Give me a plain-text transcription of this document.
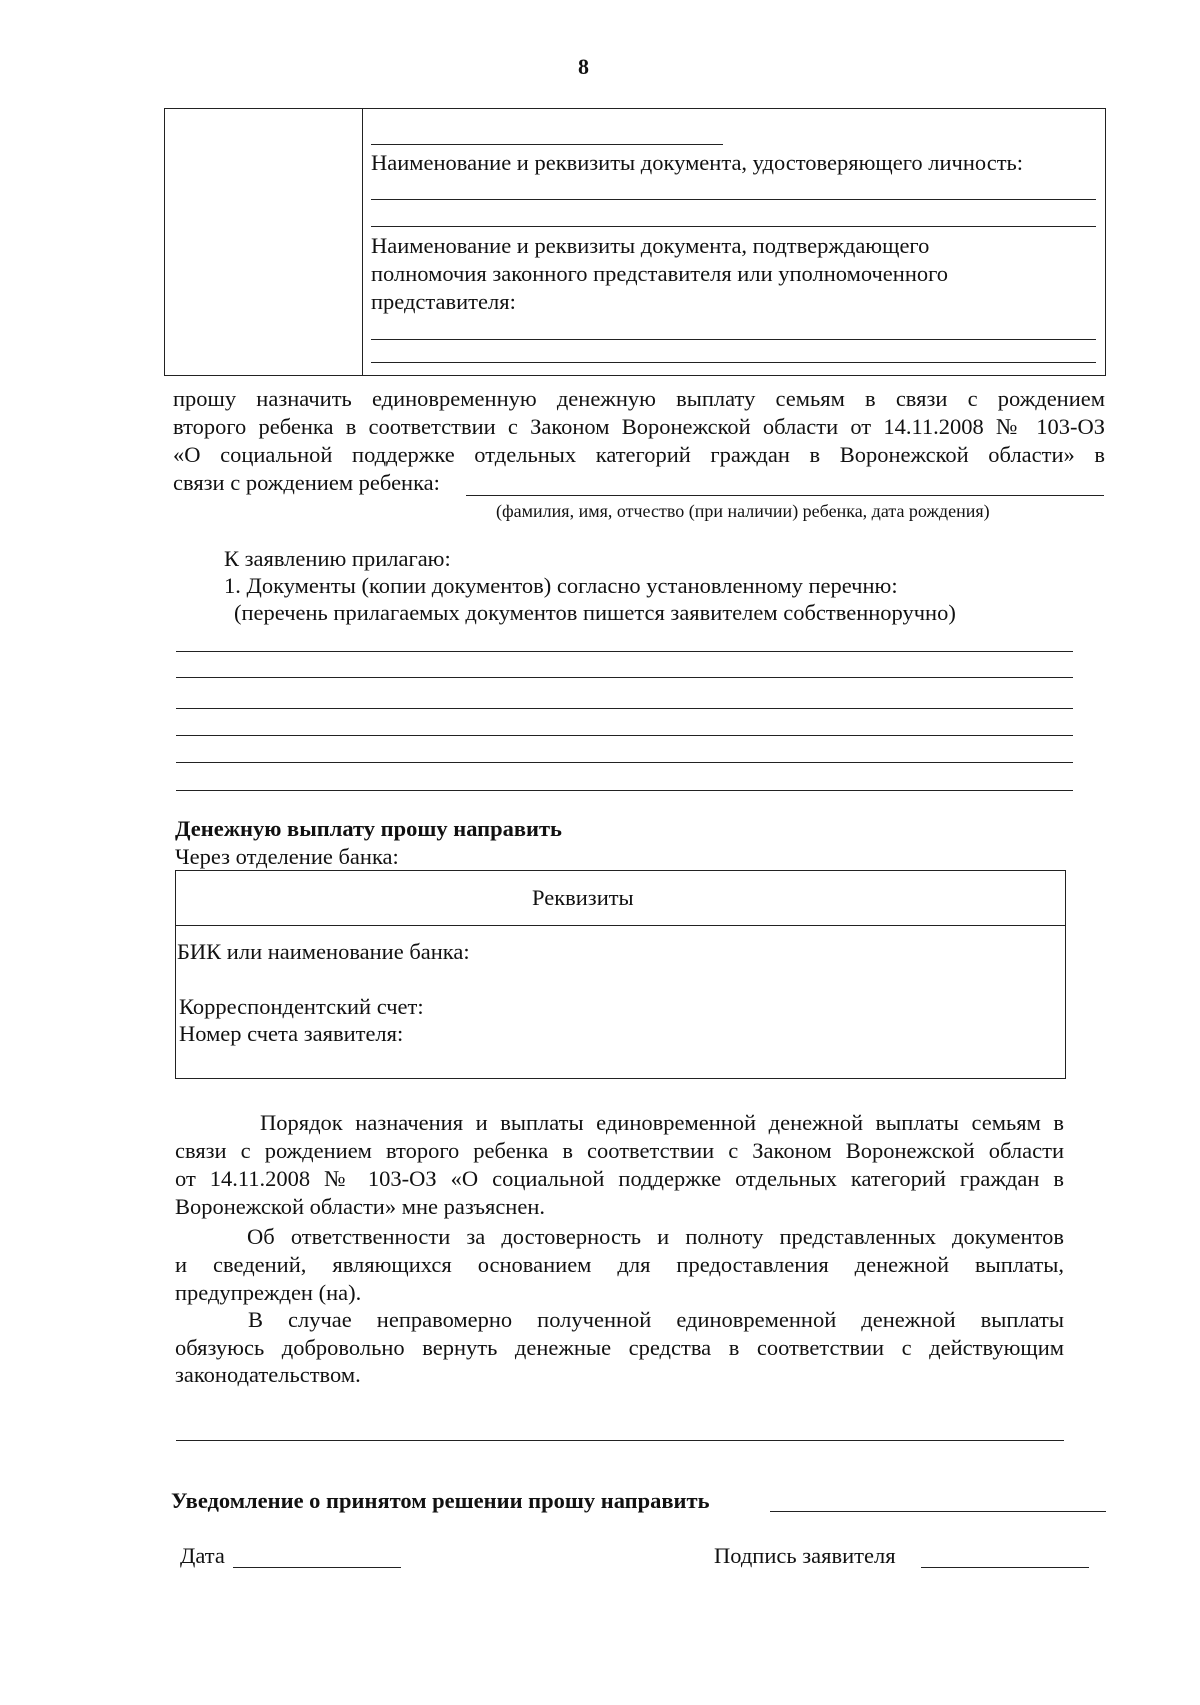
8
Наименование и реквизиты документа, удостоверяющего личность:
Наименование и реквизиты документа, подтверждающего
полномочия законного представителя или уполномоченного
представителя:
прошу назначить единовременную денежную выплату семьям в связи с рождением
второго ребенка в соответствии с Законом Воронежской области от 14.11.2008 № 103-ОЗ
«О социальной поддержке отдельных категорий граждан в Воронежской области» в
связи с рождением ребенка:
(фамилия, имя, отчество (при наличии) ребенка, дата рождения)
К заявлению прилагаю:
1. Документы (копии документов) согласно установленному перечню:
(перечень прилагаемых документов пишется заявителем собственноручно)
Денежную выплату прошу направить
Через отделение банка:
Реквизиты
БИК или наименование банка:
Корреспондентский счет:
Номер счета заявителя:
Порядок назначения и выплаты единовременной денежной выплаты семьям в
связи с рождением второго ребенка в соответствии с Законом Воронежской области
от 14.11.2008 № 103-ОЗ «О социальной поддержке отдельных категорий граждан в
Воронежской области» мне разъяснен.
Об ответственности за достоверность и полноту представленных документов
и сведений, являющихся основанием для предоставления денежной выплаты,
предупрежден (на).
В случае неправомерно полученной единовременной денежной выплаты
обязуюсь добровольно вернуть денежные средства в соответствии с действующим
законодательством.
Уведомление о принятом решении прошу направить
Дата	Подпись заявителя
